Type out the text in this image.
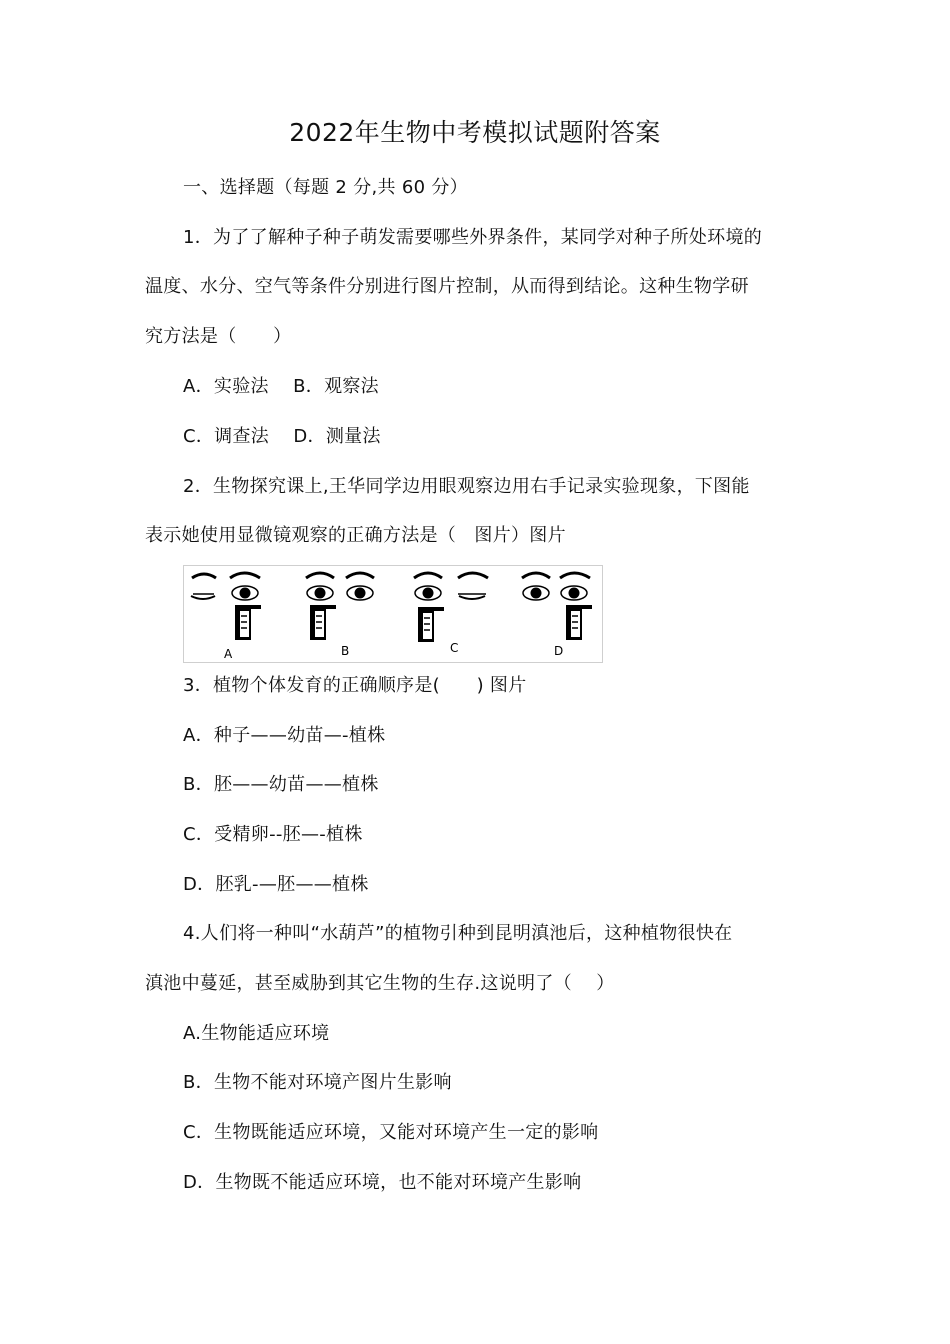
2022年生物中考模拟试题附答案
一、选择题（每题 2 分,共 60 分）
1．为了了解种子种子萌发需要哪些外界条件，某同学对种子所处环境的
温度、水分、空气等条件分别进行图片控制，从而得到结论。这种生物学研
究方法是（　　）
A．实验法　 B．观察法
C．调查法　 D．测量法
2．生物探究课上,王华同学边用眼观察边用右手记录实验现象，下图能
表示她使用显微镜观察的正确方法是（　图片）图片
A	B	C	D
3．植物个体发育的正确顺序是(　　) 图片
A．种子——幼苗—-植株
B．胚——幼苗——植株
C．受精卵--胚—-植株
D．胚乳-—胚——植株
4.人们将一种叫“水葫芦”的植物引种到昆明滇池后，这种植物很快在
滇池中蔓延，甚至威胁到其它生物的生存.这说明了（　 ）
A.生物能适应环境
B．生物不能对环境产图片生影响
C．生物既能适应环境，又能对环境产生一定的影响
D．生物既不能适应环境，也不能对环境产生影响
